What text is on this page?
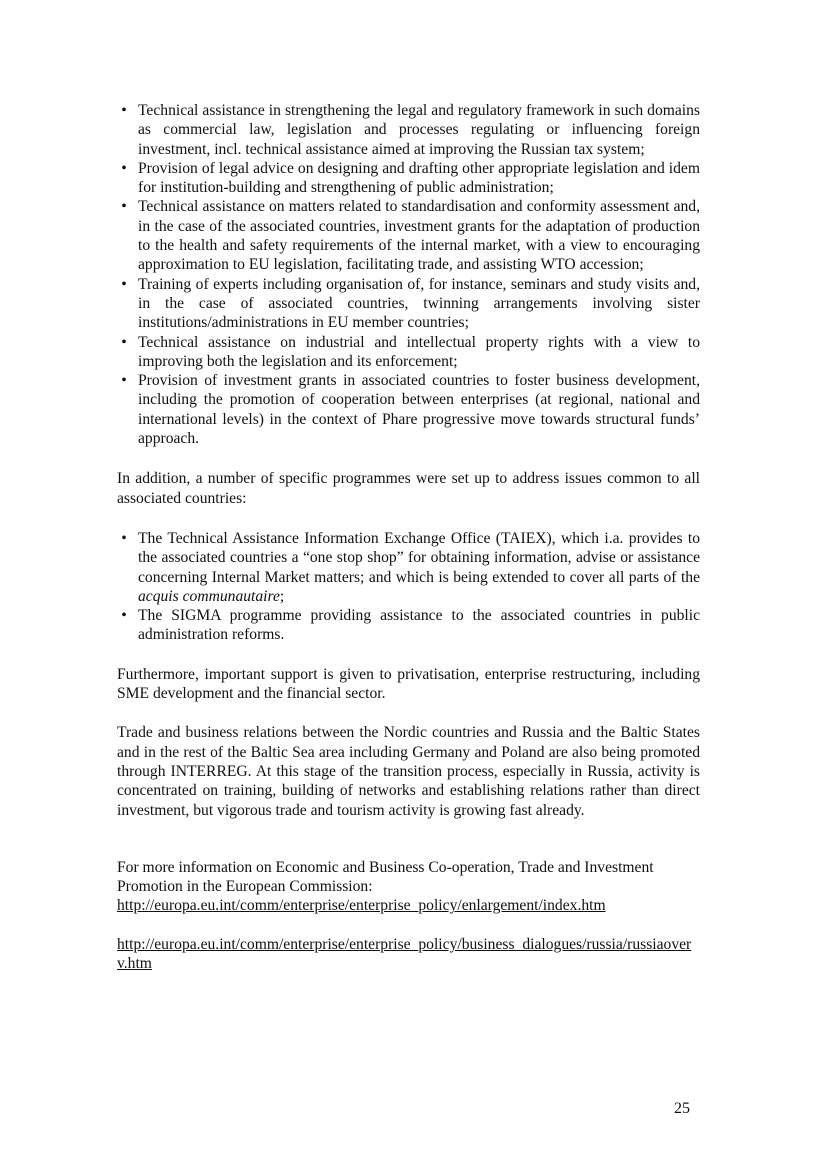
• Technical assistance in strengthening the legal and regulatory framework in such domains as commercial law, legislation and processes regulating or influencing foreign investment, incl. technical assistance aimed at improving the Russian tax system;
• Provision of legal advice on designing and drafting other appropriate legislation and idem for institution-building and strengthening of public administration;
• Technical assistance on matters related to standardisation and conformity assessment and, in the case of the associated countries, investment grants for the adaptation of production to the health and safety requirements of the internal market, with a view to encouraging approximation to EU legislation, facilitating trade, and assisting WTO accession;
• Training of experts including organisation of, for instance, seminars and study visits and, in the case of associated countries, twinning arrangements involving sister institutions/administrations in EU member countries;
• Technical assistance on industrial and intellectual property rights with a view to improving both the legislation and its enforcement;
• Provision of investment grants in associated countries to foster business development, including the promotion of cooperation between enterprises (at regional, national and international levels) in the context of Phare progressive move towards structural funds’ approach.

In addition, a number of specific programmes were set up to address issues common to all associated countries:

• The Technical Assistance Information Exchange Office (TAIEX), which i.a. provides to the associated countries a “one stop shop” for obtaining information, advise or assistance concerning Internal Market matters; and which is being extended to cover all parts of the acquis communautaire;
• The SIGMA programme providing assistance to the associated countries in public administration reforms.

Furthermore, important support is given to privatisation, enterprise restructuring, including SME development and the financial sector.

Trade and business relations between the Nordic countries and Russia and the Baltic States and in the rest of the Baltic Sea area including Germany and Poland are also being promoted through INTERREG. At this stage of the transition process, especially in Russia, activity is concentrated on training, building of networks and establishing relations rather than direct investment, but vigorous trade and tourism activity is growing fast already.

For more information on Economic and Business Co-operation, Trade and Investment Promotion in the European Commission:

http://europa.eu.int/comm/enterprise/enterprise_policy/enlargement/index.htm
http://europa.eu.int/comm/enterprise/enterprise_policy/business_dialogues/russia/russiaoverv.htm
25
